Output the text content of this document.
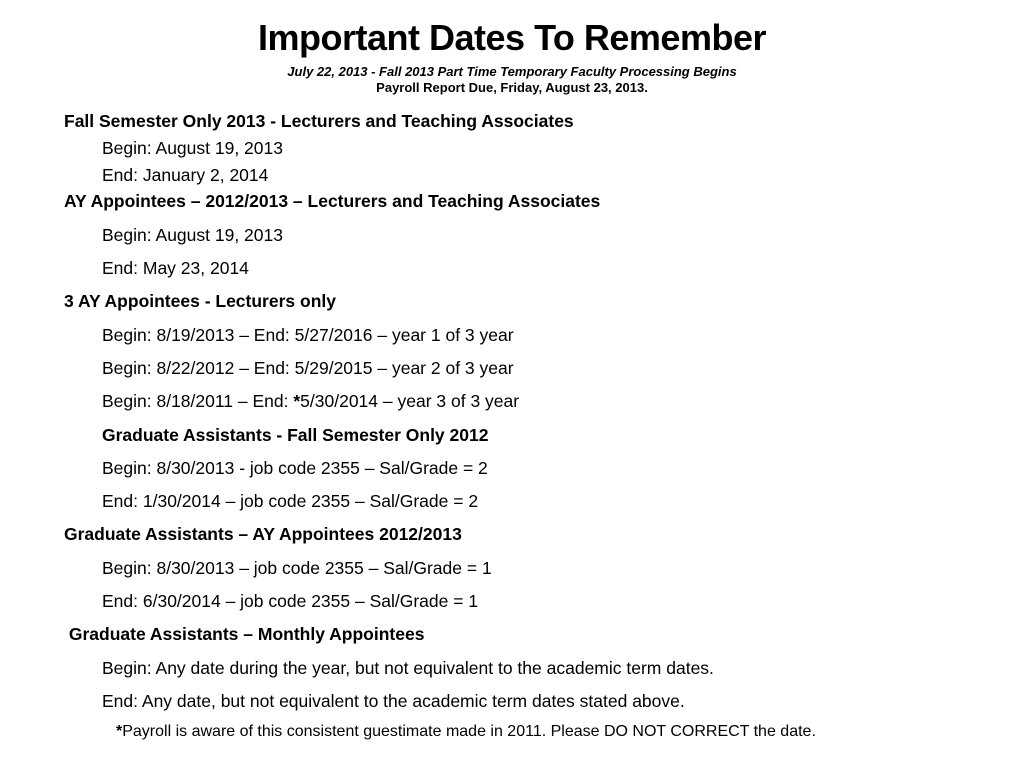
Important Dates To Remember
July 22, 2013 - Fall 2013 Part Time Temporary Faculty Processing Begins
Payroll Report Due, Friday, August 23, 2013.
Fall Semester Only 2013 - Lecturers and Teaching Associates
Begin: August 19, 2013
End: January 2, 2014
AY Appointees – 2012/2013 – Lecturers and Teaching Associates
Begin: August 19, 2013
End: May 23, 2014
3 AY Appointees - Lecturers only
Begin: 8/19/2013 – End: 5/27/2016 – year 1 of 3 year
Begin: 8/22/2012 – End: 5/29/2015 – year 2 of 3 year
Begin: 8/18/2011 – End: *5/30/2014 – year 3 of 3 year
Graduate Assistants - Fall Semester Only 2012
Begin: 8/30/2013 - job code 2355 – Sal/Grade = 2
End: 1/30/2014 – job code 2355 – Sal/Grade = 2
Graduate Assistants – AY Appointees 2012/2013
Begin: 8/30/2013 – job code 2355 – Sal/Grade = 1
End: 6/30/2014 – job code 2355 – Sal/Grade = 1
Graduate Assistants – Monthly Appointees
Begin: Any date during the year, but not equivalent to the academic term dates.
End: Any date, but not equivalent to the academic term dates stated above.
*Payroll is aware of this consistent guestimate made in 2011. Please DO NOT CORRECT the date.
